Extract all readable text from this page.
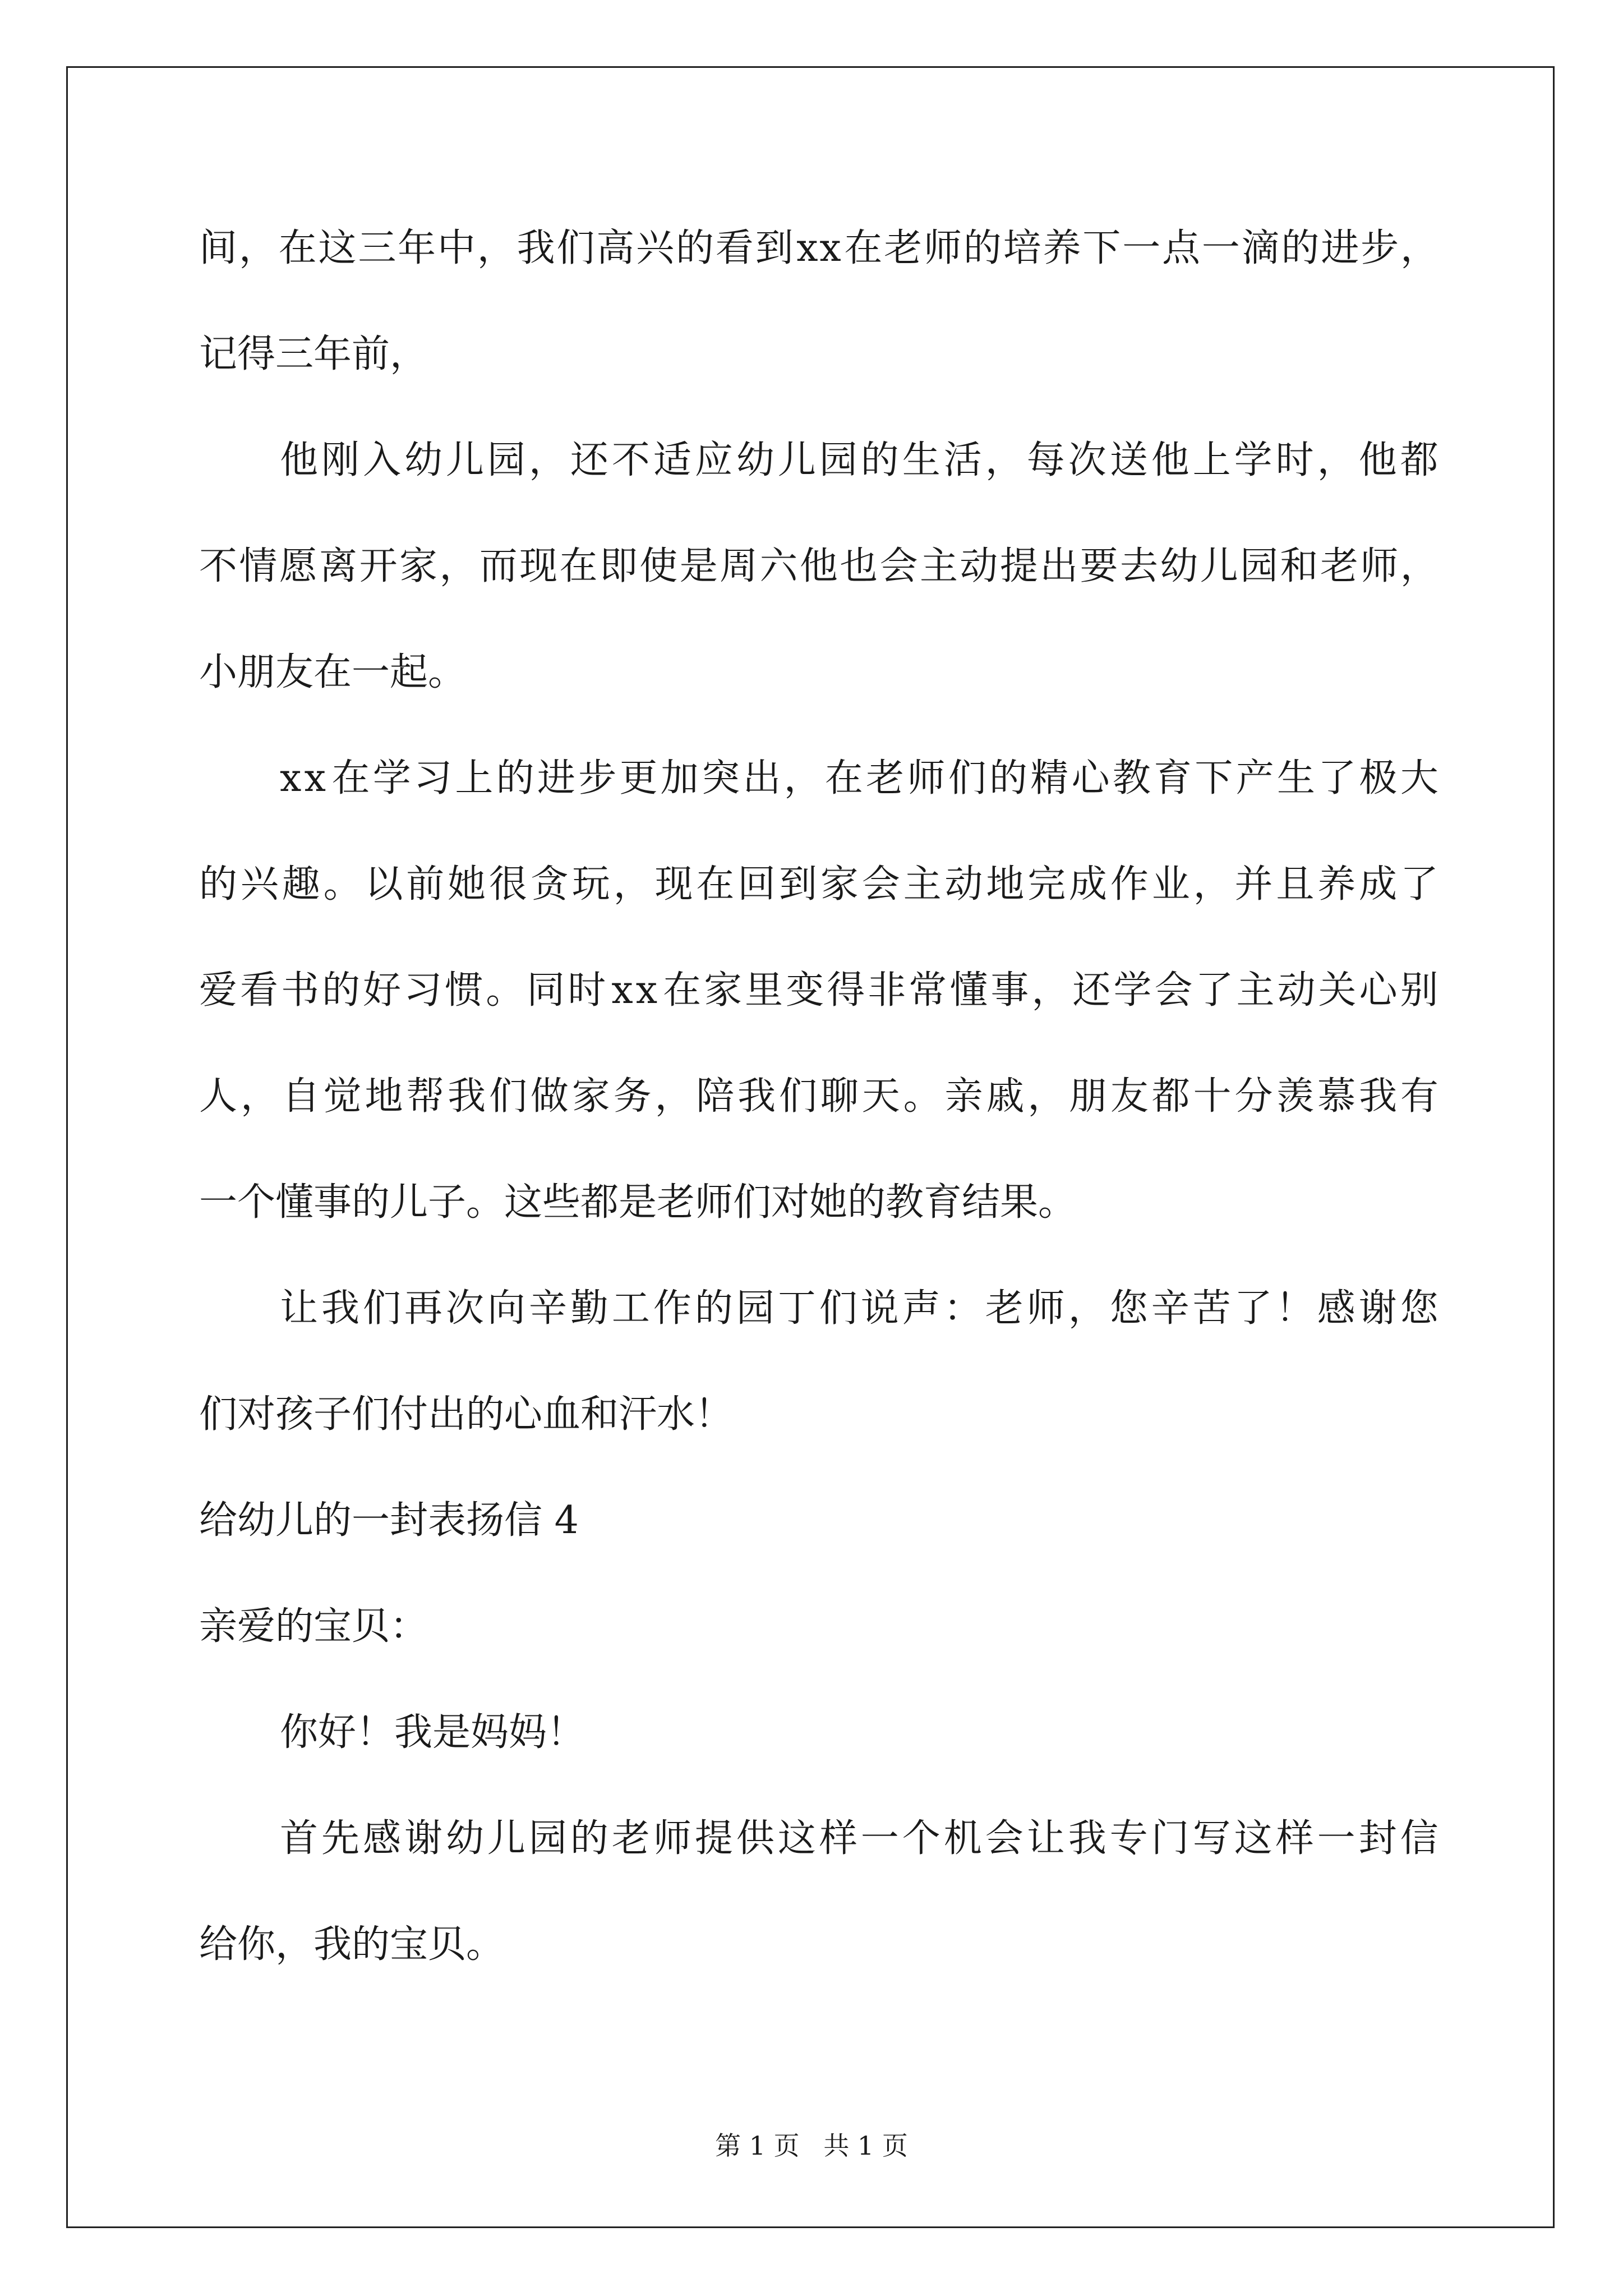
间 ， 在 这 三 年 中 ， 我 们 高 兴 的 看 到 x x 在 老 师 的 培 养 下 一 点 一 滴 的 进 步 ，
记得三年前，
他 刚 入 幼 儿 园 ， 还 不 适 应 幼 儿 园 的 生 活 ， 每 次 送 他 上 学 时 ， 他 都
不 情 愿 离 开 家 ， 而 现 在 即 使 是 周 六 他 也 会 主 动 提 出 要 去 幼 儿 园 和 老 师 ，
小朋友在一起。
x x 在 学 习 上 的 进 步 更 加 突 出 ， 在 老 师 们 的 精 心 教 育 下 产 生 了 极 大
的 兴 趣 。 以 前 她 很 贪 玩 ， 现 在 回 到 家 会 主 动 地 完 成 作 业 ， 并 且 养 成 了
爱 看 书 的 好 习 惯 。 同 时 x x 在 家 里 变 得 非 常 懂 事 ， 还 学 会 了 主 动 关 心 别
人 ， 自 觉 地 帮 我 们 做 家 务 ， 陪 我 们 聊 天 。 亲 戚 ， 朋 友 都 十 分 羡 慕 我 有
一个懂事的儿子。这些都是老师们对她的教育结果。
让 我 们 再 次 向 辛 勤 工 作 的 园 丁 们 说 声 ： 老 师 ， 您 辛 苦 了 ！ 感 谢 您
们对孩子们付出的心血和汗水！
给幼儿的一封表扬信 4
亲爱的宝贝：
你好！我是妈妈！
首 先 感 谢 幼 儿 园 的 老 师 提 供 这 样 一 个 机 会 让 我 专 门 写 这 样 一 封 信
给你，我的宝贝。
第 1 页 共 1 页
